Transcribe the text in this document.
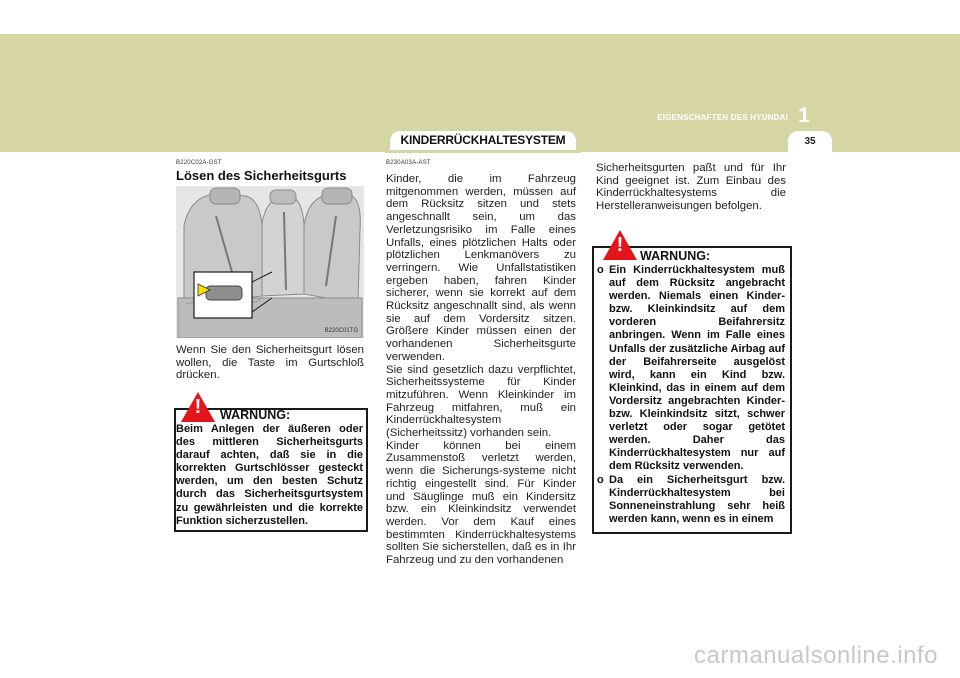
EIGENSCHAFTEN DES HYUNDAI 1
35
KINDERRÜCKHALTESYSTEM
B220C02A-GST
Lösen des Sicherheitsgurts
B220C01TG
Wenn Sie den Sicherheitsgurt lösen wollen, die Taste im Gurtschloß drücken.
!	WARNUNG:
Beim Anlegen der äußeren oder des mittleren Sicherheitsgurts darauf achten, daß sie in die korrekten Gurtschlösser gesteckt werden, um den besten Schutz durch das Sicherheitsgurtsystem zu gewährleisten und die korrekte Funktion sicherzustellen.
B230A03A-AST

Kinder, die im Fahrzeug mitgenommen werden, müssen auf dem Rücksitz sitzen und stets angeschnallt sein, um das Verletzungsrisiko im Falle eines Unfalls, eines plötzlichen Halts oder plötzlichen Lenkmanövers zu verringern. Wie Unfallstatistiken ergeben haben, fahren Kinder sicherer, wenn sie korrekt auf dem Rücksitz angeschnallt sind, als wenn sie auf dem Vordersitz sitzen. Größere Kinder müssen einen der vorhandenen Sicherheitsgurte verwenden.

Sie sind gesetzlich dazu verpflichtet, Sicherheitssysteme für Kinder mitzuführen. Wenn Kleinkinder im Fahrzeug mitfahren, muß ein Kinderrückhaltesystem (Sicherheitssitz) vorhanden sein.

Kinder können bei einem Zusammenstoß verletzt werden, wenn die Sicherungs-systeme nicht richtig eingestellt sind. Für Kinder und Säuglinge muß ein Kindersitz bzw. ein Kleinkindsitz verwendet werden. Vor dem Kauf eines bestimmten Kinderrückhaltesystems sollten Sie sicherstellen, daß es in Ihr Fahrzeug und zu den vorhandenen

Sicherheitsgurten paßt und für Ihr Kind geeignet ist. Zum Einbau des Kinderrückhaltesystems die Herstelleranweisungen befolgen.
!	WARNUNG:
o Ein Kinderrückhaltesystem muß auf dem Rücksitz angebracht werden. Niemals einen Kinder- bzw. Kleinkindsitz auf dem vorderen Beifahrersitz anbringen. Wenn im Falle eines Unfalls der zusätzliche Airbag auf der Beifahrerseite ausgelöst wird, kann ein Kind bzw. Kleinkind, das in einem auf dem Vordersitz angebrachten Kinder- bzw. Kleinkindsitz sitzt, schwer verletzt oder sogar getötet werden. Daher das Kinderrückhaltesystem nur auf dem Rücksitz verwenden.
o Da ein Sicherheitsgurt bzw. Kinderrückhaltesystem bei Sonneneinstrahlung sehr heiß werden kann, wenn es in einem
carmanualsonline.info
